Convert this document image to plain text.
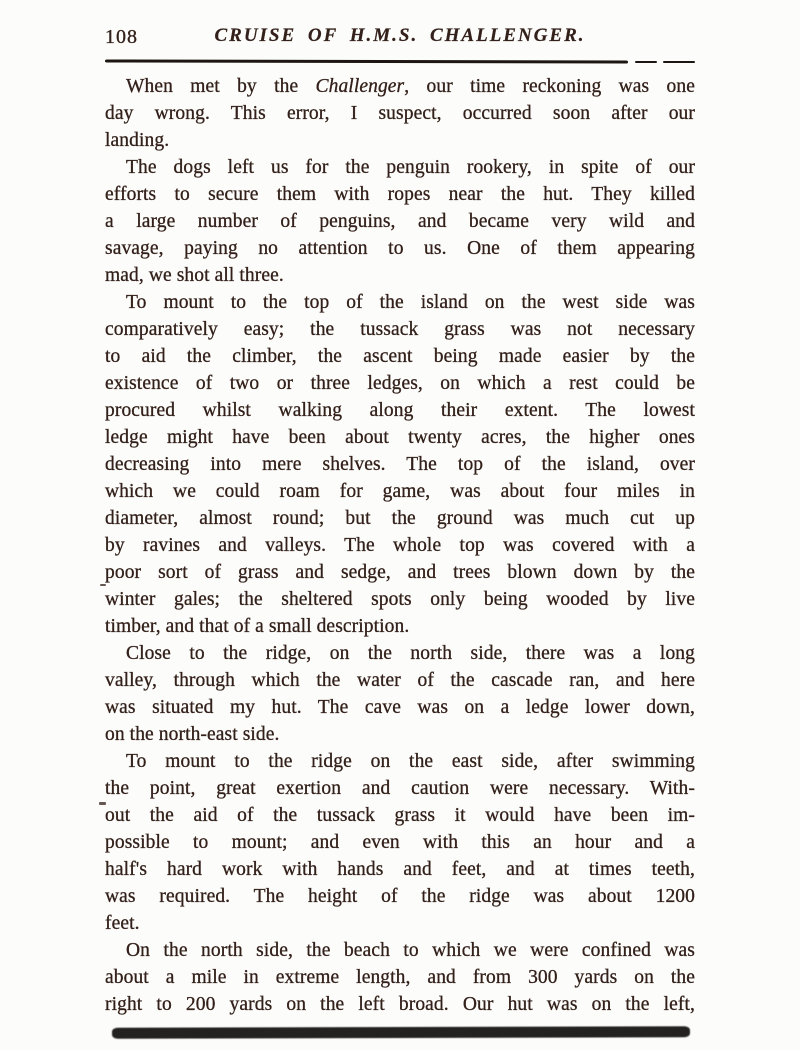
108	CRUISE OF H.M.S. CHALLENGER.
When met by the Challenger, our time reckoning was one
day wrong. This error, I suspect, occurred soon after our
landing.
The dogs left us for the penguin rookery, in spite of our
efforts to secure them with ropes near the hut. They killed
a large number of penguins, and became very wild and
savage, paying no attention to us. One of them appearing
mad, we shot all three.
To mount to the top of the island on the west side was
comparatively easy; the tussack grass was not necessary
to aid the climber, the ascent being made easier by the
existence of two or three ledges, on which a rest could be
procured whilst walking along their extent. The lowest
ledge might have been about twenty acres, the higher ones
decreasing into mere shelves. The top of the island, over
which we could roam for game, was about four miles in
diameter, almost round; but the ground was much cut up
by ravines and valleys. The whole top was covered with a
poor sort of grass and sedge, and trees blown down by the
winter gales; the sheltered spots only being wooded by live
timber, and that of a small description.
Close to the ridge, on the north side, there was a long
valley, through which the water of the cascade ran, and here
was situated my hut. The cave was on a ledge lower down,
on the north-east side.
To mount to the ridge on the east side, after swimming
the point, great exertion and caution were necessary. With-
out the aid of the tussack grass it would have been im-
possible to mount; and even with this an hour and a
half's hard work with hands and feet, and at times teeth,
was required. The height of the ridge was about 1200
feet.
On the north side, the beach to which we were confined was
about a mile in extreme length, and from 300 yards on the
right to 200 yards on the left broad. Our hut was on the left,
